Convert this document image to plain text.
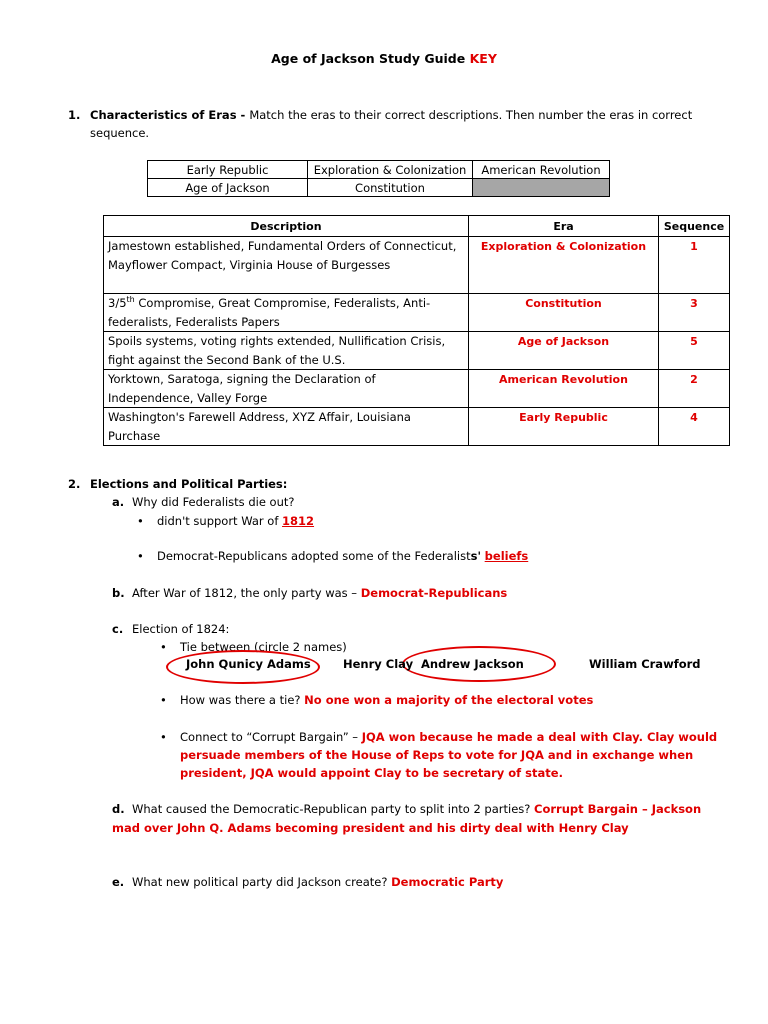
Age of Jackson Study Guide KEY
1. Characteristics of Eras - Match the eras to their correct descriptions. Then number the eras in correct
sequence.
Early Republic	Exploration & Colonization	American Revolution
Age of Jackson	Constitution	
Description	Era	Sequence
Jamestown established, Fundamental Orders of Connecticut, Mayflower Compact, Virginia House of Burgesses	Exploration & Colonization	1
3/5th Compromise, Great Compromise, Federalists, Anti-federalists, Federalists Papers	Constitution	3
Spoils systems, voting rights extended, Nullification Crisis, fight against the Second Bank of the U.S.	Age of Jackson	5
Yorktown, Saratoga, signing the Declaration of Independence, Valley Forge	American Revolution	2
Washington's Farewell Address, XYZ Affair, Louisiana Purchase	Early Republic	4
2. Elections and Political Parties:
a. Why did Federalists die out?
• didn't support War of 1812
• Democrat-Republicans adopted some of the Federalists' beliefs
b. After War of 1812, the only party was – Democrat-Republicans
c. Election of 1824:
• Tie between (circle 2 names)
John Qunicy Adams	Henry Clay Andrew Jackson	William Crawford
• How was there a tie? No one won a majority of the electoral votes
• Connect to “Corrupt Bargain” – JQA won because he made a deal with Clay. Clay would
persuade members of the House of Reps to vote for JQA and in exchange when
president, JQA would appoint Clay to be secretary of state.
d. What caused the Democratic-Republican party to split into 2 parties? Corrupt Bargain – Jackson
mad over John Q. Adams becoming president and his dirty deal with Henry Clay
e. What new political party did Jackson create? Democratic Party
